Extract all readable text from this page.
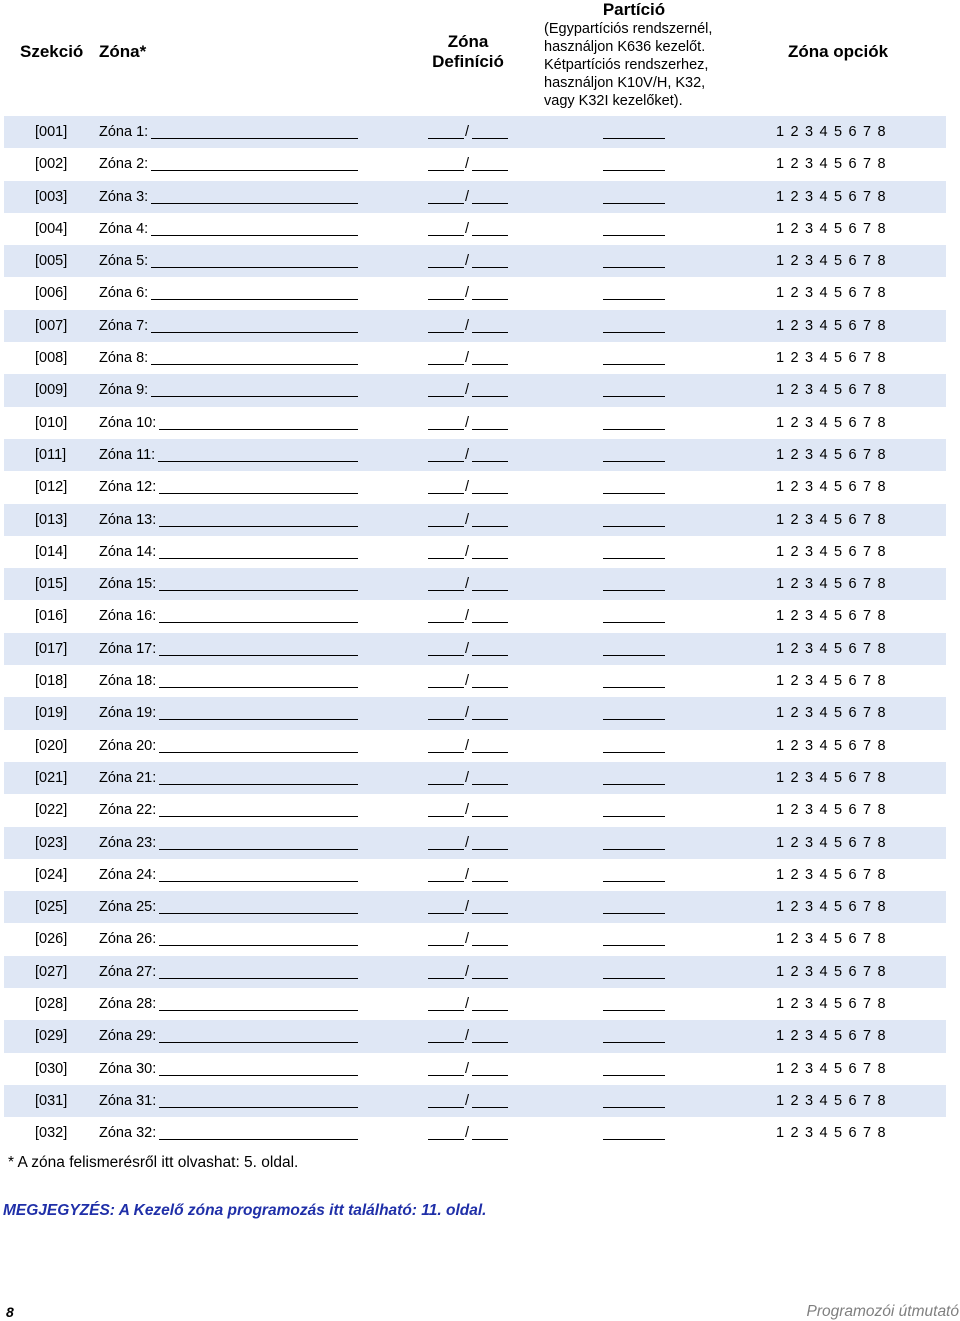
Szekció Zóna*
Zóna
Definíció
Partíció
(Egypartíciós rendszernél,
használjon K636 kezelőt.
Kétpartíciós rendszerhez,
használjon K10V/H, K32,
vagy K32I kezelőket).
Zóna opciók
[001] Zóna 1:	/	1 2 3 4 5 6 7 8
[002] Zóna 2:	/	1 2 3 4 5 6 7 8
[003] Zóna 3:	/	1 2 3 4 5 6 7 8
[004] Zóna 4:	/	1 2 3 4 5 6 7 8
[005] Zóna 5:	/	1 2 3 4 5 6 7 8
[006] Zóna 6:	/	1 2 3 4 5 6 7 8
[007] Zóna 7:	/	1 2 3 4 5 6 7 8
[008] Zóna 8:	/	1 2 3 4 5 6 7 8
[009] Zóna 9:	/	1 2 3 4 5 6 7 8
[010] Zóna 10:	/	1 2 3 4 5 6 7 8
[011] Zóna 11:	/	1 2 3 4 5 6 7 8
[012] Zóna 12:	/	1 2 3 4 5 6 7 8
[013] Zóna 13:	/	1 2 3 4 5 6 7 8
[014] Zóna 14:	/	1 2 3 4 5 6 7 8
[015] Zóna 15:	/	1 2 3 4 5 6 7 8
[016] Zóna 16:	/	1 2 3 4 5 6 7 8
[017] Zóna 17:	/	1 2 3 4 5 6 7 8
[018] Zóna 18:	/	1 2 3 4 5 6 7 8
[019] Zóna 19:	/	1 2 3 4 5 6 7 8
[020] Zóna 20:	/	1 2 3 4 5 6 7 8
[021] Zóna 21:	/	1 2 3 4 5 6 7 8
[022] Zóna 22:	/	1 2 3 4 5 6 7 8
[023] Zóna 23:	/	1 2 3 4 5 6 7 8
[024] Zóna 24:	/	1 2 3 4 5 6 7 8
[025] Zóna 25:	/	1 2 3 4 5 6 7 8
[026] Zóna 26:	/	1 2 3 4 5 6 7 8
[027] Zóna 27:	/	1 2 3 4 5 6 7 8
[028] Zóna 28:	/	1 2 3 4 5 6 7 8
[029] Zóna 29:	/	1 2 3 4 5 6 7 8
[030] Zóna 30:	/	1 2 3 4 5 6 7 8
[031] Zóna 31:	/	1 2 3 4 5 6 7 8
[032] Zóna 32:	/	1 2 3 4 5 6 7 8
* A zóna felismerésről itt olvashat: 5. oldal.
MEGJEGYZÉS: A Kezelő zóna programozás itt található: 11. oldal.
8	Programozói útmutató
